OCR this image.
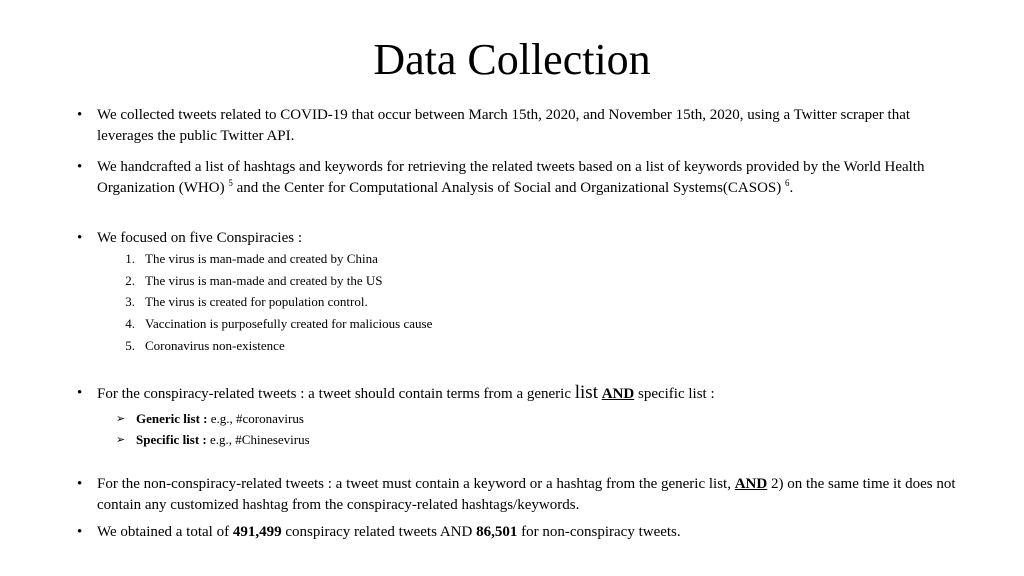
Data Collection
• We collected tweets related to COVID-19 that occur between March 15th, 2020, and November 15th, 2020, using a Twitter scraper that leverages the public Twitter API.
• We handcrafted a list of hashtags and keywords for retrieving the related tweets based on a list of keywords provided by the World Health Organization (WHO) $^5$ and the Center for Computational Analysis of Social and Organizational Systems(CASOS) $^6$.
• We focused on five Conspiracies :
1. The virus is man-made and created by China
2. The virus is man-made and created by the US
3. The virus is created for population control.
4. Vaccination is purposefully created for malicious cause
5. Coronavirus non-existence
• For the conspiracy-related tweets : a tweet should contain terms from a generic list AND specific list :
➢ Generic list : e.g., #coronavirus
➢ Specific list : e.g., #Chinesevirus
• For the non-conspiracy-related tweets : a tweet must contain a keyword or a hashtag from the generic list, AND 2) on the same time it does not contain any customized hashtag from the conspiracy-related hashtags/keywords.
• We obtained a total of 491,499 conspiracy related tweets AND 86,501 for non-conspiracy tweets.
